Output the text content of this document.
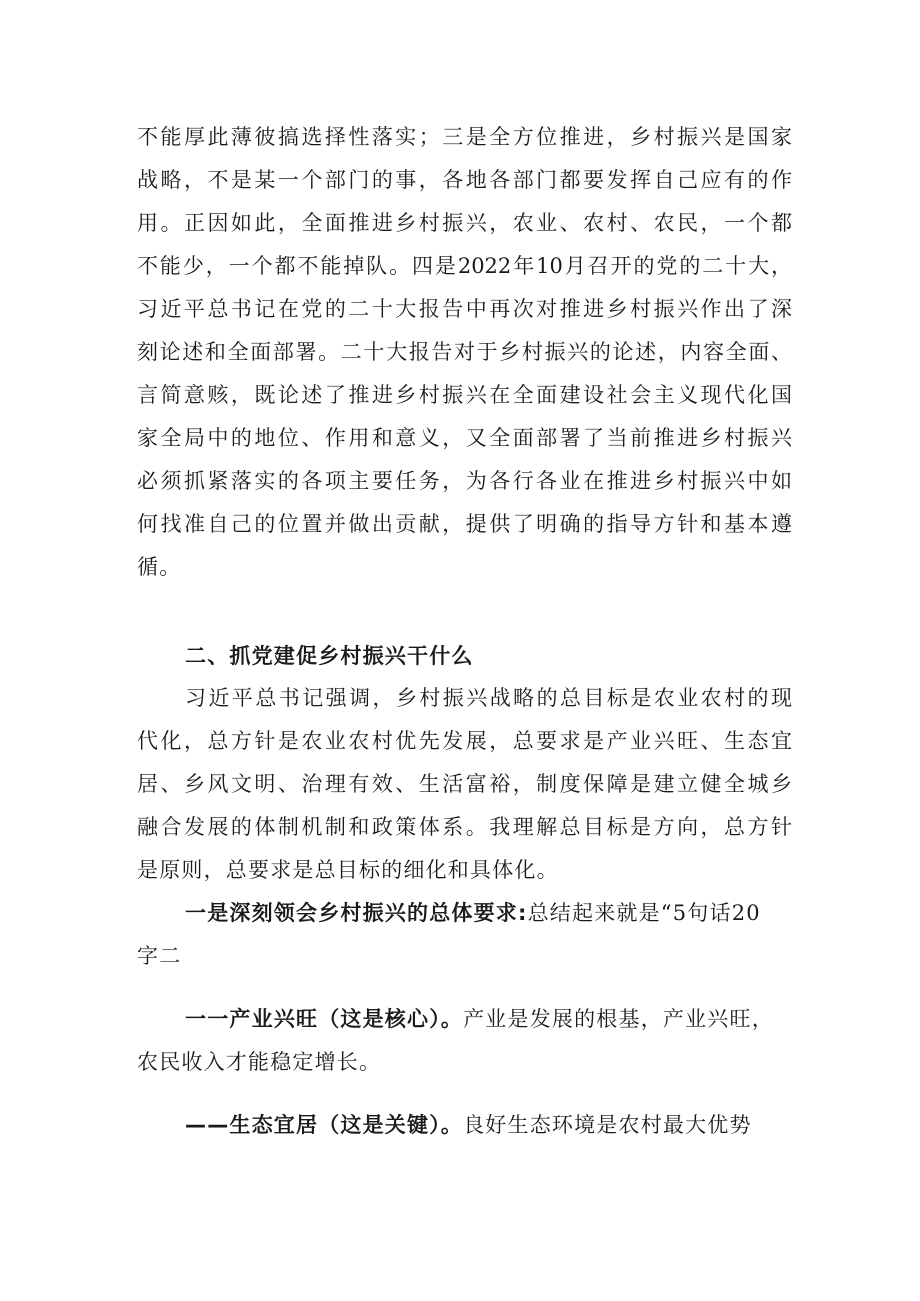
不能厚此薄彼搞选择性落实；三是全方位推进，乡村振兴是国家
战略，不是某一个部门的事，各地各部门都要发挥自己应有的作
用。正因如此，全面推进乡村振兴，农业、农村、农民，一个都
不能少，一个都不能掉队。四是2022年10月召开的党的二十大，
习近平总书记在党的二十大报告中再次对推进乡村振兴作出了深
刻论述和全面部署。二十大报告对于乡村振兴的论述，内容全面、
言简意赅，既论述了推进乡村振兴在全面建设社会主义现代化国
家全局中的地位、作用和意义，又全面部署了当前推进乡村振兴
必须抓紧落实的各项主要任务，为各行各业在推进乡村振兴中如
何找准自己的位置并做出贡献，提供了明确的指导方针和基本遵
循。
二、抓党建促乡村振兴干什么
习近平总书记强调，乡村振兴战略的总目标是农业农村的现
代化，总方针是农业农村优先发展，总要求是产业兴旺、生态宜
居、乡风文明、治理有效、生活富裕，制度保障是建立健全城乡
融合发展的体制机制和政策体系。我理解总目标是方向，总方针
是原则，总要求是总目标的细化和具体化。
一是深刻领会乡村振兴的总体要求:总结起来就是“5句话20
字二
一一产业兴旺（这是核心）。产业是发展的根基，产业兴旺，
农民收入才能稳定增长。
——生态宜居（这是关键）。良好生态环境是农村最大优势
